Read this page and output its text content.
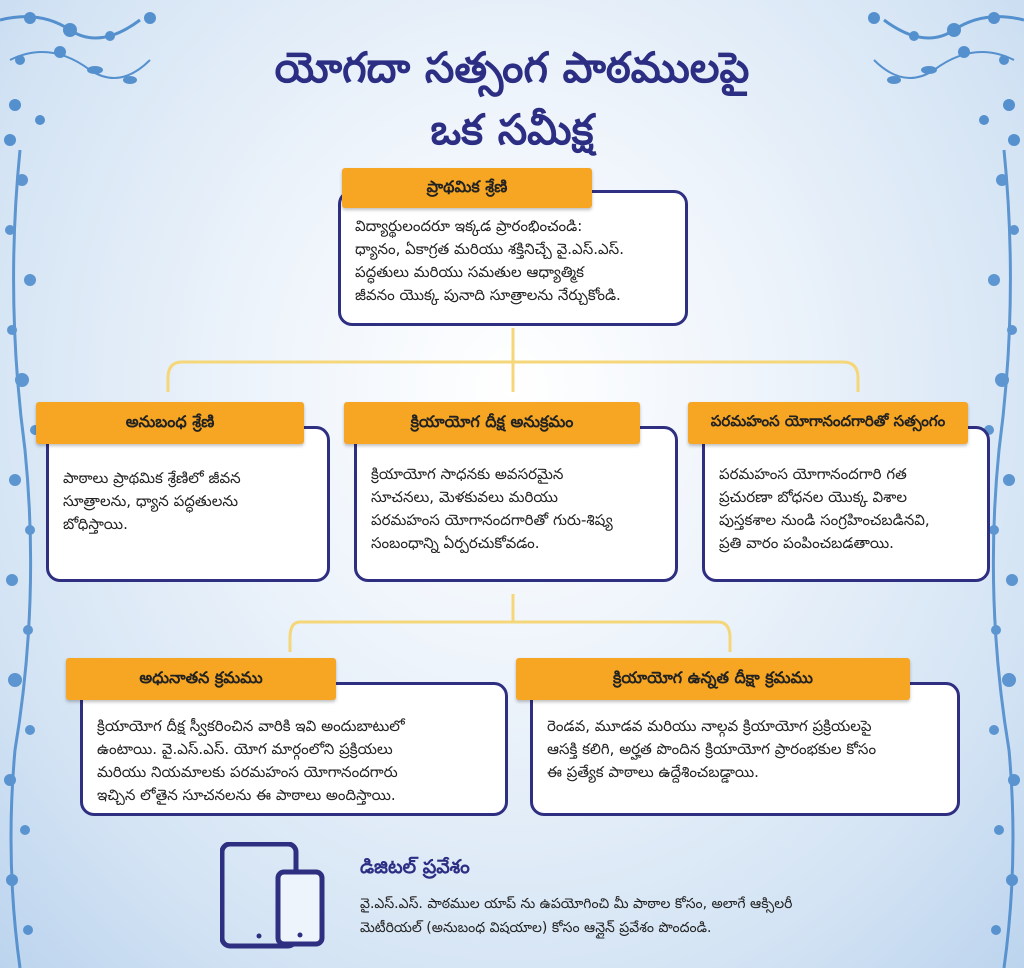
యోగదా సత్సంగ పాఠములపై
ఒక సమీక్ష
విద్యార్థులందరూ ఇక్కడ ప్రారంభించండి:
ధ్యానం, ఏకాగ్రత మరియు శక్తినిచ్చే వై.ఎస్.ఎస్.
పద్ధతులు మరియు సమతుల ఆధ్యాత్మిక
జీవనం యొక్క పునాది సూత్రాలను నేర్చుకోండి.
ప్రాథమిక శ్రేణి
పాఠాలు ప్రాథమిక శ్రేణిలో జీవన
సూత్రాలను, ధ్యాన పద్ధతులను
బోధిస్తాయి.
అనుబంధ శ్రేణి
క్రియాయోగ సాధనకు అవసరమైన
సూచనలు, మెళకువలు మరియు
పరమహంస యోగానందగారితో గురు-శిష్య
సంబంధాన్ని ఏర్పరచుకోవడం.
క్రియాయోగ దీక్ష అనుక్రమం
పరమహంస యోగానందగారి గత
ప్రచురణా బోధనల యొక్క విశాల
పుస్తకశాల నుండి సంగ్రహించబడినవి,
ప్రతి వారం పంపించబడతాయి.
పరమహంస యోగానందగారితో సత్సంగం
క్రియాయోగ దీక్ష స్వీకరించిన వారికి ఇవి అందుబాటులో
ఉంటాయి. వై.ఎస్.ఎస్. యోగ మార్గంలోని ప్రక్రియలు
మరియు నియమాలకు పరమహంస యోగానందగారు
ఇచ్చిన లోతైన సూచనలను ఈ పాఠాలు అందిస్తాయి.
అధునాతన క్రమము
రెండవ, మూడవ మరియు నాల్గవ క్రియాయోగ ప్రక్రియలపై
ఆసక్తి కలిగి, అర్హత పొందిన క్రియాయోగ ప్రారంభకుల కోసం
ఈ ప్రత్యేక పాఠాలు ఉద్దేశించబడ్డాయి.
క్రియాయోగ ఉన్నత దీక్షా క్రమము
డిజిటల్ ప్రవేశం
వై.ఎస్.ఎస్. పాఠముల యాప్ ను ఉపయోగించి మీ పాఠాల కోసం, అలాగే ఆక్సిలరీ
మెటీరియల్ (అనుబంధ విషయాల) కోసం ఆన్లైన్ ప్రవేశం పొందండి.
